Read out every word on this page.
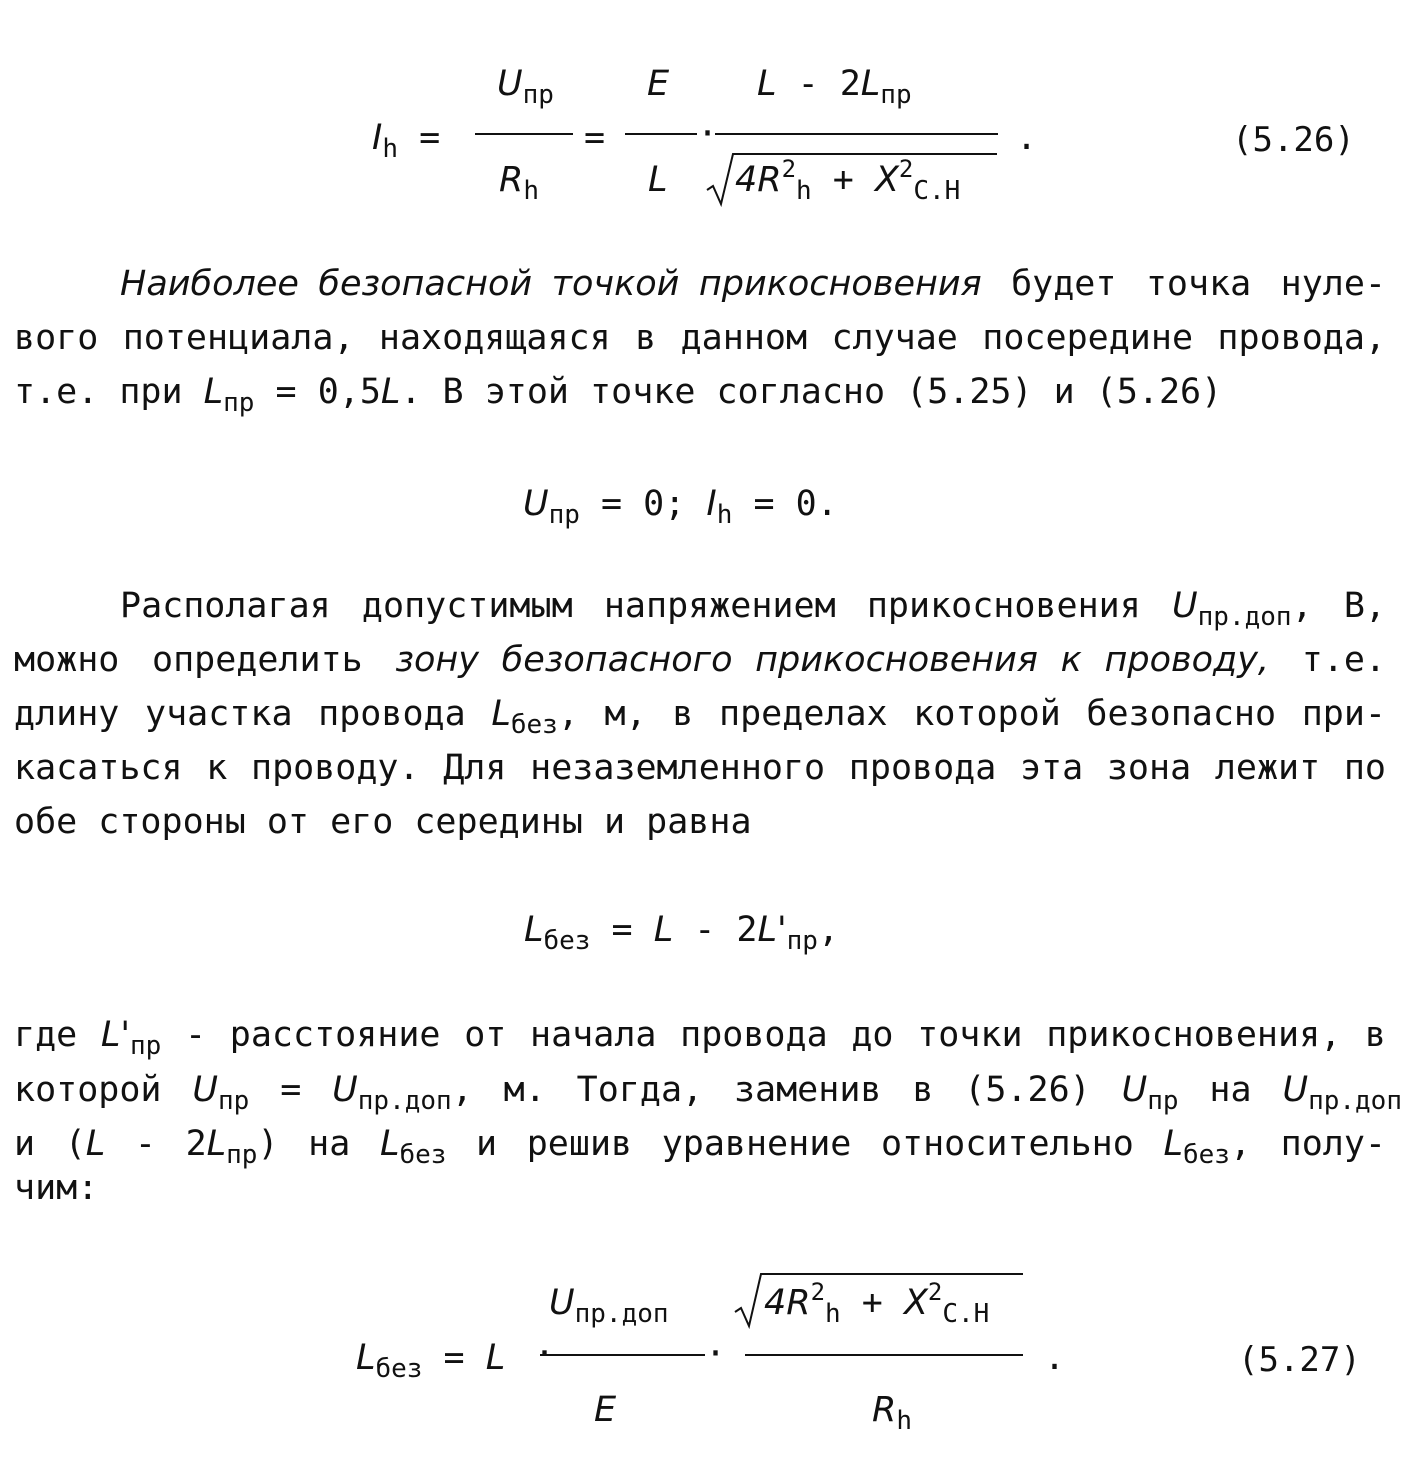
$I_h$ =
$U_{пр}$
$R_h$
=
E
L
·
L - $2L_{пр}$
$4R^2_h + X^2_{С.Н}$
.	(5.26)
Наиболее безопасной точкой прикосновения будет точка нуле-
вого потенциала, находящаяся в данном случае посередине провода,
т.е. при $L_{пр} = 0,5L$. В этой точке согласно (5.25) и (5.26)
$U_{пр} = 0$; $I_h = 0$.
Располагая допустимым напряжением прикосновения $U_{пр.доп}$, В,
можно определить зону безопасного прикосновения к проводу, т.е.
длину участка провода $L_{без}$, м, в пределах которой безопасно при-
касаться к проводу. Для незаземленного провода эта зона лежит по
обе стороны от его середины и равна
$L_{без} = L - 2L'_{пр}$,
где $L'_{пр}$ - расстояние от начала провода до точки прикосновения, в
которой $U_{пр} = U_{пр.доп}$, м. Тогда, заменив в (5.26) $U_{пр}$ на $U_{пр.доп}$
и $(L - 2L_{пр})$ на $L_{без}$ и решив уравнение относительно $L_{без}$, полу-
чим:
$L_{без} = L$ ·
$U_{пр.доп}$
E
·
$4R^2_h + X^2_{С.Н}$
$R_h$
.	(5.27)
